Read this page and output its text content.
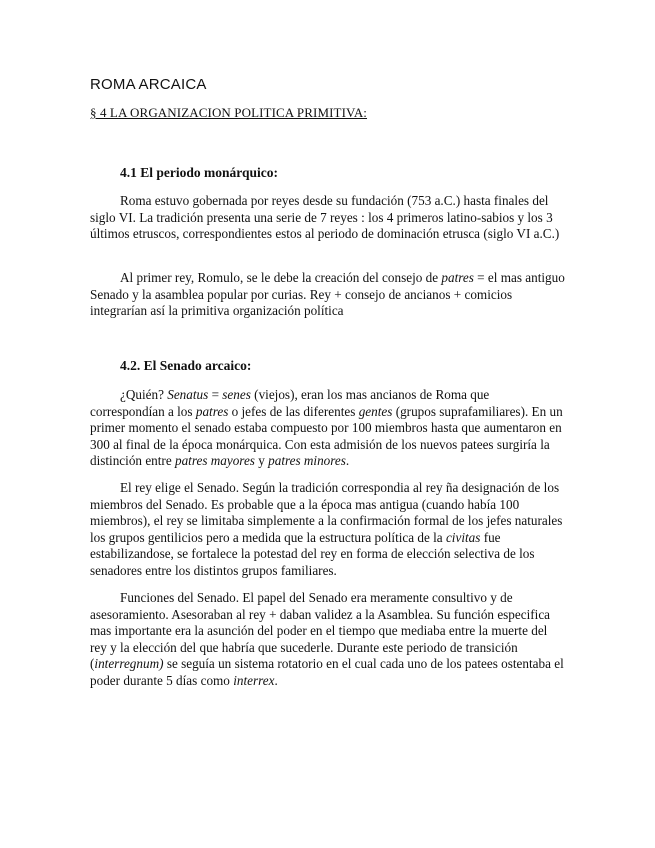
ROMA ARCAICA
§ 4 LA ORGANIZACION POLITICA PRIMITIVA:
4.1 El periodo monárquico:

Roma estuvo gobernada por reyes desde su fundación (753 a.C.) hasta finales del siglo VI. La tradición presenta una serie de 7 reyes : los 4 primeros latino-sabios y los 3 últimos etruscos, correspondientes estos al periodo de dominación etrusca (siglo VI a.C.)

Al primer rey, Romulo, se le debe la creación del consejo de patres = el mas antiguo Senado y la asamblea popular por curias. Rey + consejo de ancianos + comicios integrarían así la primitiva organización política

4.2. El Senado arcaico:

¿Quién? Senatus = senes (viejos), eran los mas ancianos de Roma que correspondían a los patres o jefes de las diferentes gentes (grupos suprafamiliares). En un primer momento el senado estaba compuesto por 100 miembros hasta que aumentaron en 300 al final de la época monárquica. Con esta admisión de los nuevos patees surgiría la distinción entre patres mayores y patres minores.

El rey elige el Senado. Según la tradición correspondia al rey ña designación de los miembros del Senado. Es probable que a la época mas antigua (cuando había 100 miembros), el rey se limitaba simplemente a la confirmación formal de los jefes naturales los grupos gentilicios pero a medida que la estructura política de la civitas fue estabilizandose, se fortalece la potestad del rey en forma de elección selectiva de los senadores entre los distintos grupos familiares.

Funciones del Senado. El papel del Senado era meramente consultivo y de asesoramiento. Asesoraban al rey + daban validez a la Asamblea. Su función especifica mas importante era la asunción del poder en el tiempo que mediaba entre la muerte del rey y la elección del que habría que sucederle. Durante este periodo de transición (interregnum) se seguía un sistema rotatorio en el cual cada uno de los patees ostentaba el poder durante 5 días como interrex.
